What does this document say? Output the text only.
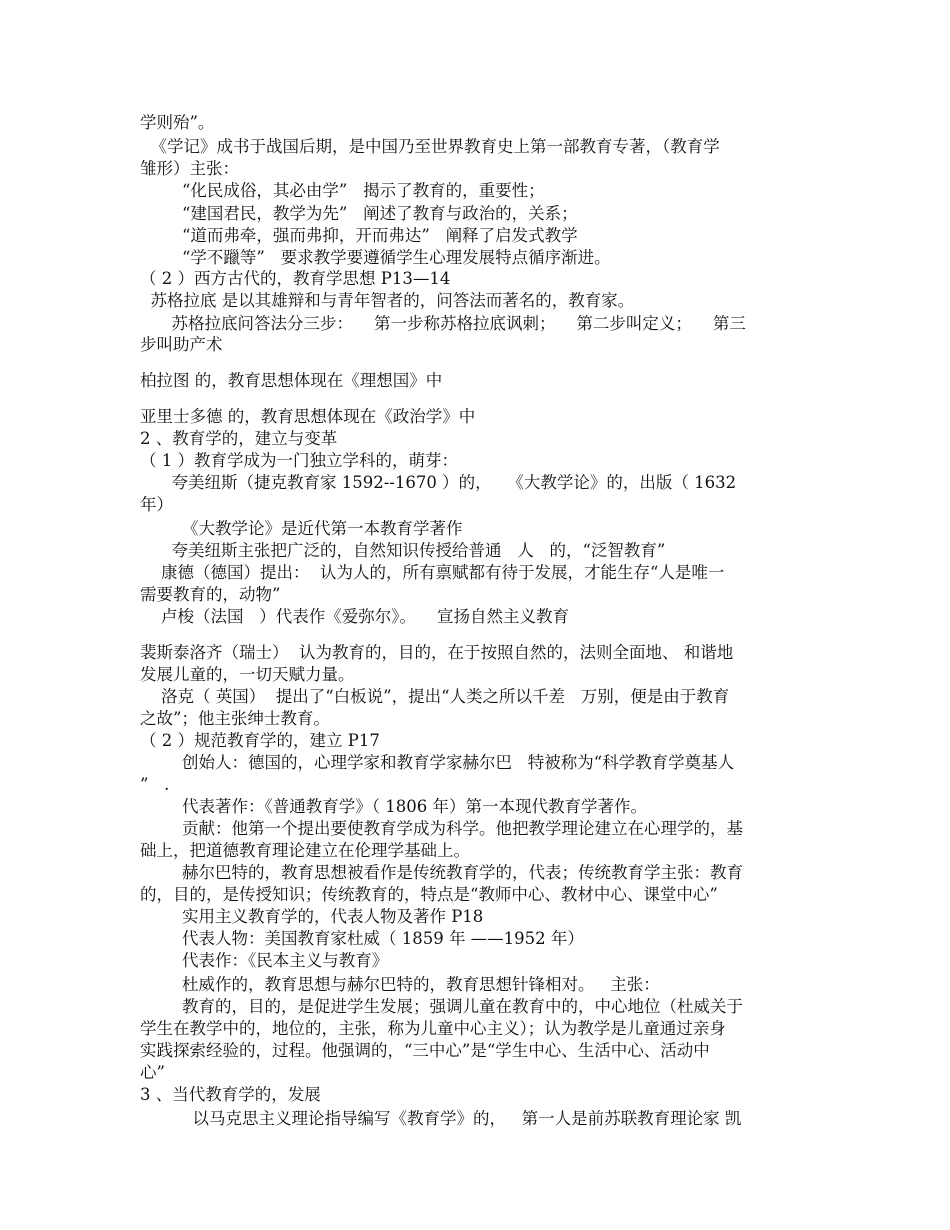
学则殆”。
《学记》成书于战国后期，是中国乃至世界教育史上第一部教育专著，（教育学
雏形）主张：
“化民成俗，其必由学”   揭示了教育的，重要性；
“建国君民，教学为先”   阐述了教育与政治的，关系；
“道而弗牵，强而弗抑，开而弗达”   阐释了启发式教学
“学不躐等”   要求教学要遵循学生心理发展特点循序渐进。
（ 2 ）西方古代的，教育学思想 P13—14
苏格拉底 是以其雄辩和与青年智者的，问答法而著名的，教育家。
苏格拉底问答法分三步：    第一步称苏格拉底讽刺；    第二步叫定义；    第三
步叫助产术
柏拉图 的，教育思想体现在《理想国》中
亚里士多德 的，教育思想体现在《政治学》中
2 、教育学的，建立与变革
（ 1 ）教育学成为一门独立学科的，萌芽：
夸美纽斯（捷克教育家 1592--1670 ）的，   《大教学论》的，出版（ 1632
年）
《大教学论》是近代第一本教育学著作
夸美纽斯主张把广泛的，自然知识传授给普通   人   的，“泛智教育”
康德（德国）提出：  认为人的，所有禀赋都有待于发展，才能生存“人是唯一
需要教育的，动物”
卢梭（法国   ）代表作《爱弥尔》。    宣扬自然主义教育
裴斯泰洛齐（瑞士）  认为教育的，目的，在于按照自然的，法则全面地、 和谐地
发展儿童的，一切天赋力量。
洛克（ 英国）  提出了“白板说”，提出“人类之所以千差   万别，便是由于教育
之故”；他主张绅士教育。
（ 2 ）规范教育学的，建立 P17
创始人：德国的，心理学家和教育学家赫尔巴   特被称为“科学教育学奠基人
”   .
代表著作：《普通教育学》（ 1806 年）第一本现代教育学著作。
贡献：他第一个提出要使教育学成为科学。他把教学理论建立在心理学的，基
础上，把道德教育理论建立在伦理学基础上。
赫尔巴特的，教育思想被看作是传统教育学的，代表；传统教育学主张：教育
的，目的，是传授知识；传统教育的，特点是“教师中心、教材中心、课堂中心”
实用主义教育学的，代表人物及著作 P18
代表人物：美国教育家杜威（ 1859 年 ——1952 年）
代表作：《民本主义与教育》
杜威作的，教育思想与赫尔巴特的，教育思想针锋相对。   主张：
教育的，目的，是促进学生发展；强调儿童在教育中的，中心地位（杜威关于
学生在教学中的，地位的，主张，称为儿童中心主义）；认为教学是儿童通过亲身
实践探索经验的，过程。他强调的，“三中心”是“学生中心、生活中心、活动中
心”
3 、当代教育学的，发展
以马克思主义理论指导编写《教育学》的，   第一人是前苏联教育理论家 凯
